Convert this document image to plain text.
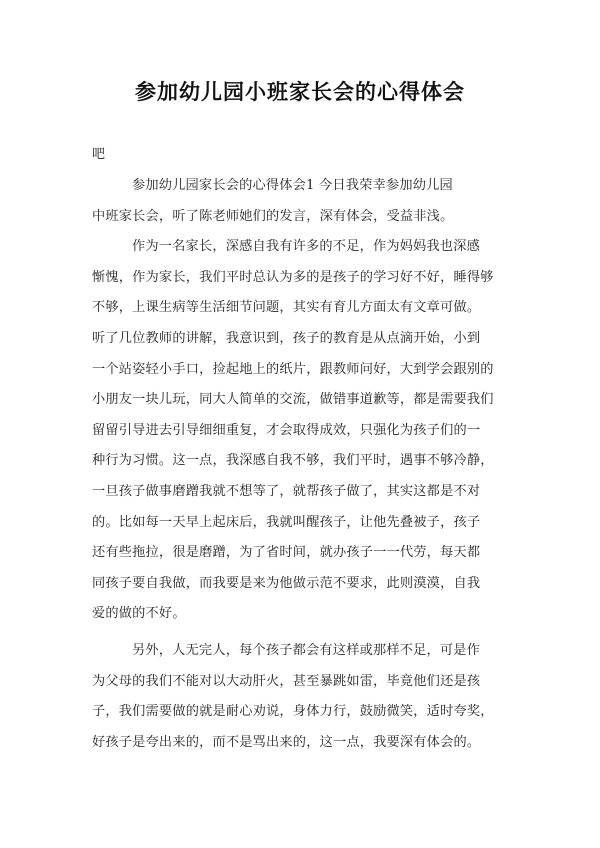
参加幼儿园小班家长会的心得体会

吧

参加幼儿园家长会的心得体会1 今日我荣幸参加幼儿园
中班家长会，听了陈老师她们的发言，深有体会，受益非浅。
作为一名家长，深感自我有许多的不足，作为妈妈我也深感
惭愧，作为家长，我们平时总认为多的是孩子的学习好不好，睡得够
不够，上课生病等生活细节问题，其实有育儿方面太有文章可做。
听了几位教师的讲解，我意识到，孩子的教育是从点滴开始，小到
一个站姿轻小手口，捡起地上的纸片，跟教师问好，大到学会跟别的
小朋友一块儿玩，同大人简单的交流，做错事道歉等，都是需要我们
留留引导进去引导细细重复，才会取得成效，只强化为孩子们的一
种行为习惯。这一点，我深感自我不够，我们平时，遇事不够冷静，
一旦孩子做事磨蹭我就不想等了，就帮孩子做了，其实这都是不对
的。比如每一天早上起床后，我就叫醒孩子，让他先叠被子，孩子
还有些拖拉，很是磨蹭，为了省时间，就办孩子一一代劳，每天都
同孩子要自我做，而我要是来为他做示范不要求，此则漠漠，自我
爱的做的不好。
另外，人无完人，每个孩子都会有这样或那样不足，可是作
为父母的我们不能对以大动肝火，甚至暴跳如雷，毕竟他们还是孩
子，我们需要做的就是耐心劝说，身体力行，鼓励微笑，适时夸奖，
好孩子是夸出来的，而不是骂出来的，这一点，我要深有体会的。
